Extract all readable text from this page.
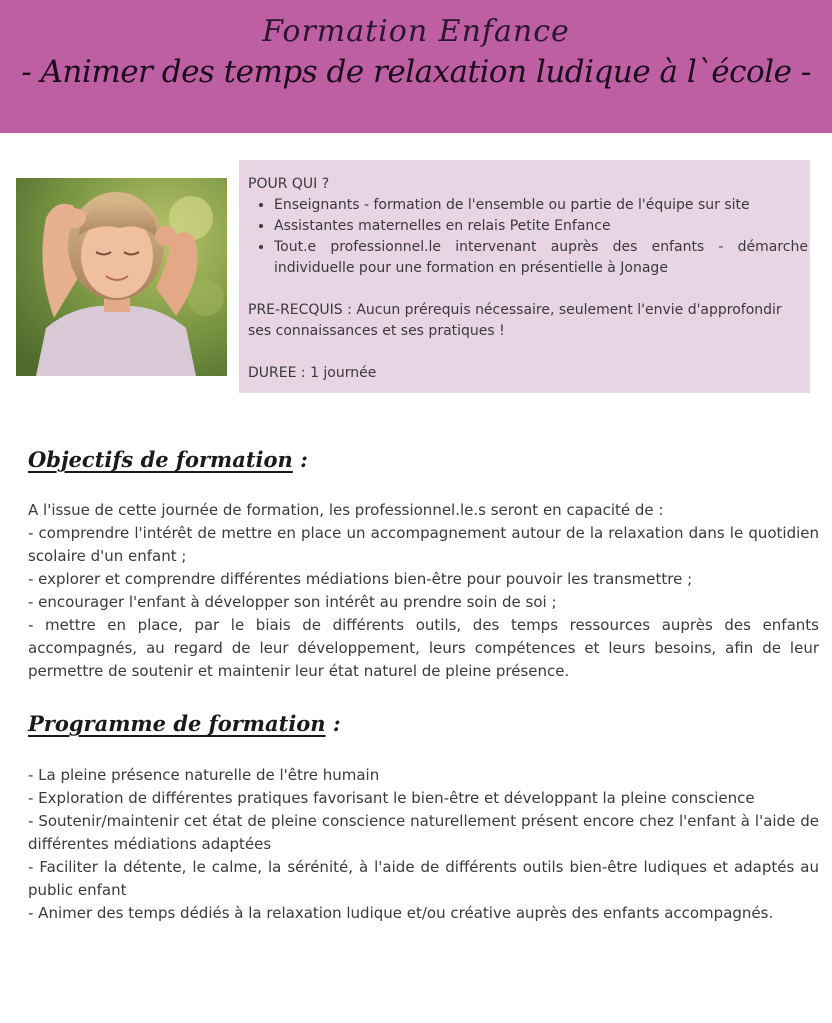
Formation Enfance
- Animer des temps de relaxation ludique à l`école -

POUR QUI ?

• Enseignants - formation de l'ensemble ou partie de l'équipe sur site
• Assistantes maternelles en relais Petite Enfance
• Tout.e professionnel.le intervenant auprès des enfants - démarche individuelle pour une formation en présentielle à Jonage

PRE-RECQUIS : Aucun prérequis nécessaire, seulement l'envie d'approfondir ses connaissances et ses pratiques !

DUREE : 1 journée

Objectifs de formation :

A l'issue de cette journée de formation, les professionnel.le.s seront en capacité de :

- comprendre l'intérêt de mettre en place un accompagnement autour de la relaxation dans le quotidien scolaire d'un enfant ;

- explorer et comprendre différentes médiations bien-être pour pouvoir les transmettre ;

- encourager l'enfant à développer son intérêt au prendre soin de soi ;

- mettre en place, par le biais de différents outils, des temps ressources auprès des enfants accompagnés, au regard de leur développement, leurs compétences et leurs besoins, afin de leur permettre de soutenir et maintenir leur état naturel de pleine présence.

Programme de formation :

- La pleine présence naturelle de l'être humain

- Exploration de différentes pratiques favorisant le bien-être et développant la pleine conscience

- Soutenir/maintenir cet état de pleine conscience naturellement présent encore chez l'enfant à l'aide de différentes médiations adaptées

- Faciliter la détente, le calme, la sérénité, à l'aide de différents outils bien-être ludiques et adaptés au public enfant

- Animer des temps dédiés à la relaxation ludique et/ou créative auprès des enfants accompagnés.
